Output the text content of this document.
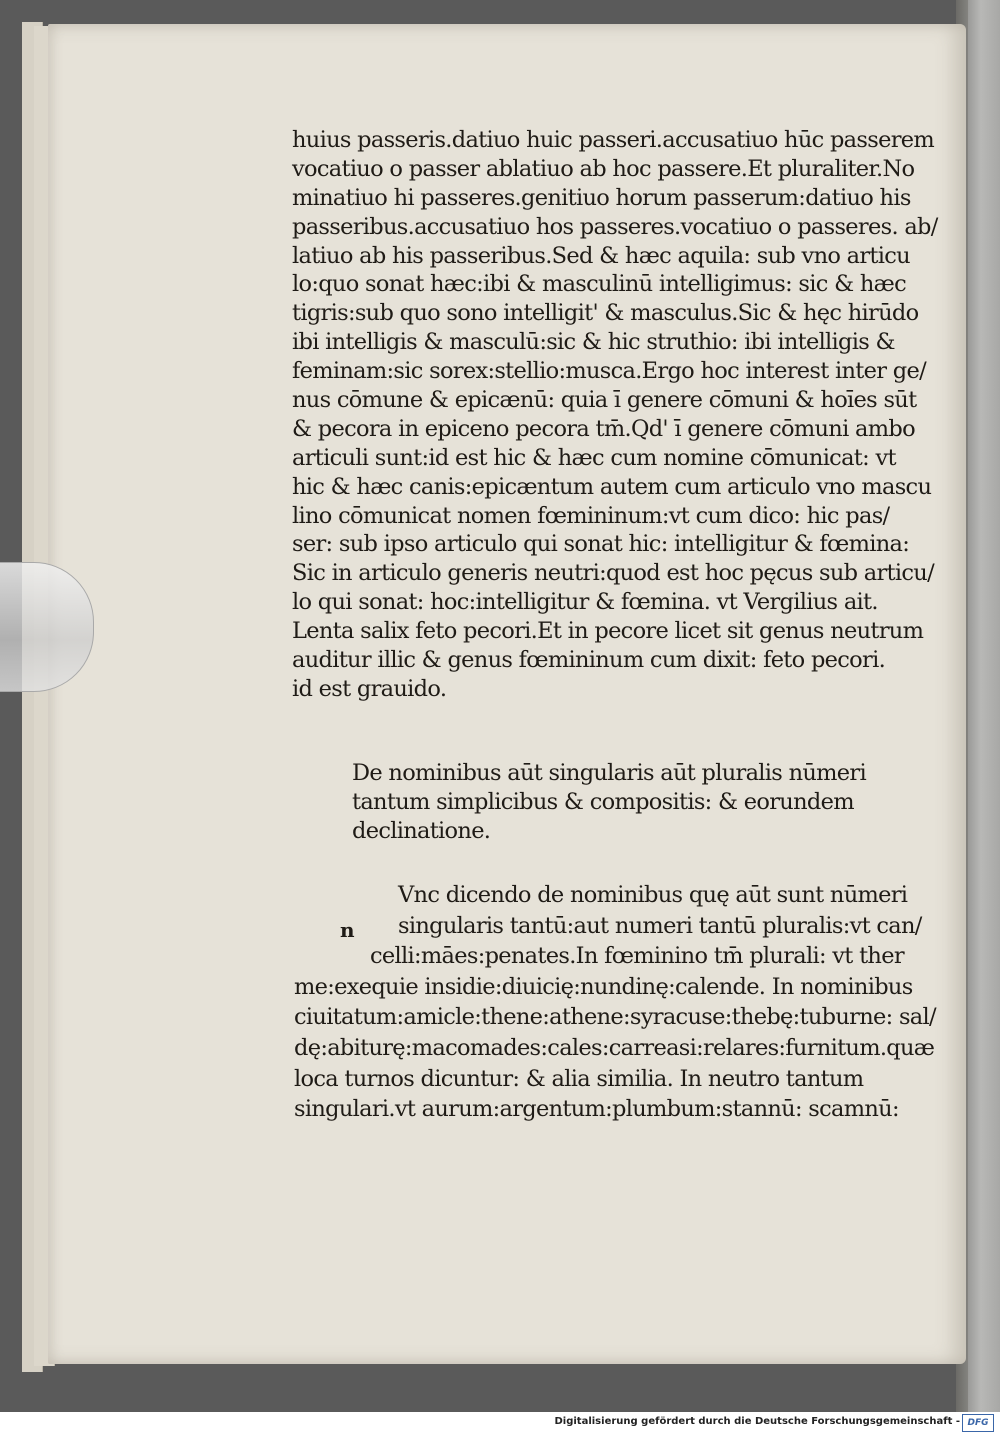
huius passeris.datiuo huic passeri.accusatiuo hūc passerem
vocatiuo o passer ablatiuo ab hoc passere.Et pluraliter.No
minatiuo hi passeres.genitiuo horum passerum:datiuo his
passeribus.accusatiuo hos passeres.vocatiuo o passeres. ab/
latiuo ab his passeribus.Sed & hæc aquila: sub vno articu
lo:quo sonat hæc:ibi & masculinū intelligimus: sic & hæc
tigris:sub quo sono intelligit' & masculus.Sic & hęc hirūdo
ibi intelligis & masculū:sic & hic struthio: ibi intelligis &
feminam:sic sorex:stellio:musca.Ergo hoc interest inter ge/
nus cōmune & epicænū: quia ī genere cōmuni & hoīes sūt
& pecora in epiceno pecora tm̄.Qd' ī genere cōmuni ambo
articuli sunt:id est hic & hæc cum nomine cōmunicat: vt
hic & hæc canis:epicæntum autem cum articulo vno mascu
lino cōmunicat nomen fœmininum:vt cum dico: hic pas/
ser: sub ipso articulo qui sonat hic: intelligitur & fœmina:
Sic in articulo generis neutri:quod est hoc pęcus sub articu/
lo qui sonat: hoc:intelligitur & fœmina. vt Vergilius ait.
Lenta salix feto pecori.Et in pecore licet sit genus neutrum
auditur illic & genus fœmininum cum dixit: feto pecori.
id est grauido.
De nominibus aūt singularis aūt pluralis nūmeri
tantum simplicibus & compositis: & eorundem
declinatione.
n
Vnc dicendo de nominibus quę aūt sunt nūmeri
singularis tantū:aut numeri tantū pluralis:vt can/
celli:māes:penates.In fœminino tm̄ plurali: vt ther
me:exequie insidie:diuicię:nundinę:calende. In nominibus
ciuitatum:amicle:thene:athene:syracuse:thebę:tuburne: sal/
dę:abiturę:macomades:cales:carreasi:relares:furnitum.quæ
loca turnos dicuntur: & alia similia. In neutro tantum
singulari.vt aurum:argentum:plumbum:stannū: scamnū:
Digitalisierung gefördert durch die Deutsche Forschungsgemeinschaft - DFG
